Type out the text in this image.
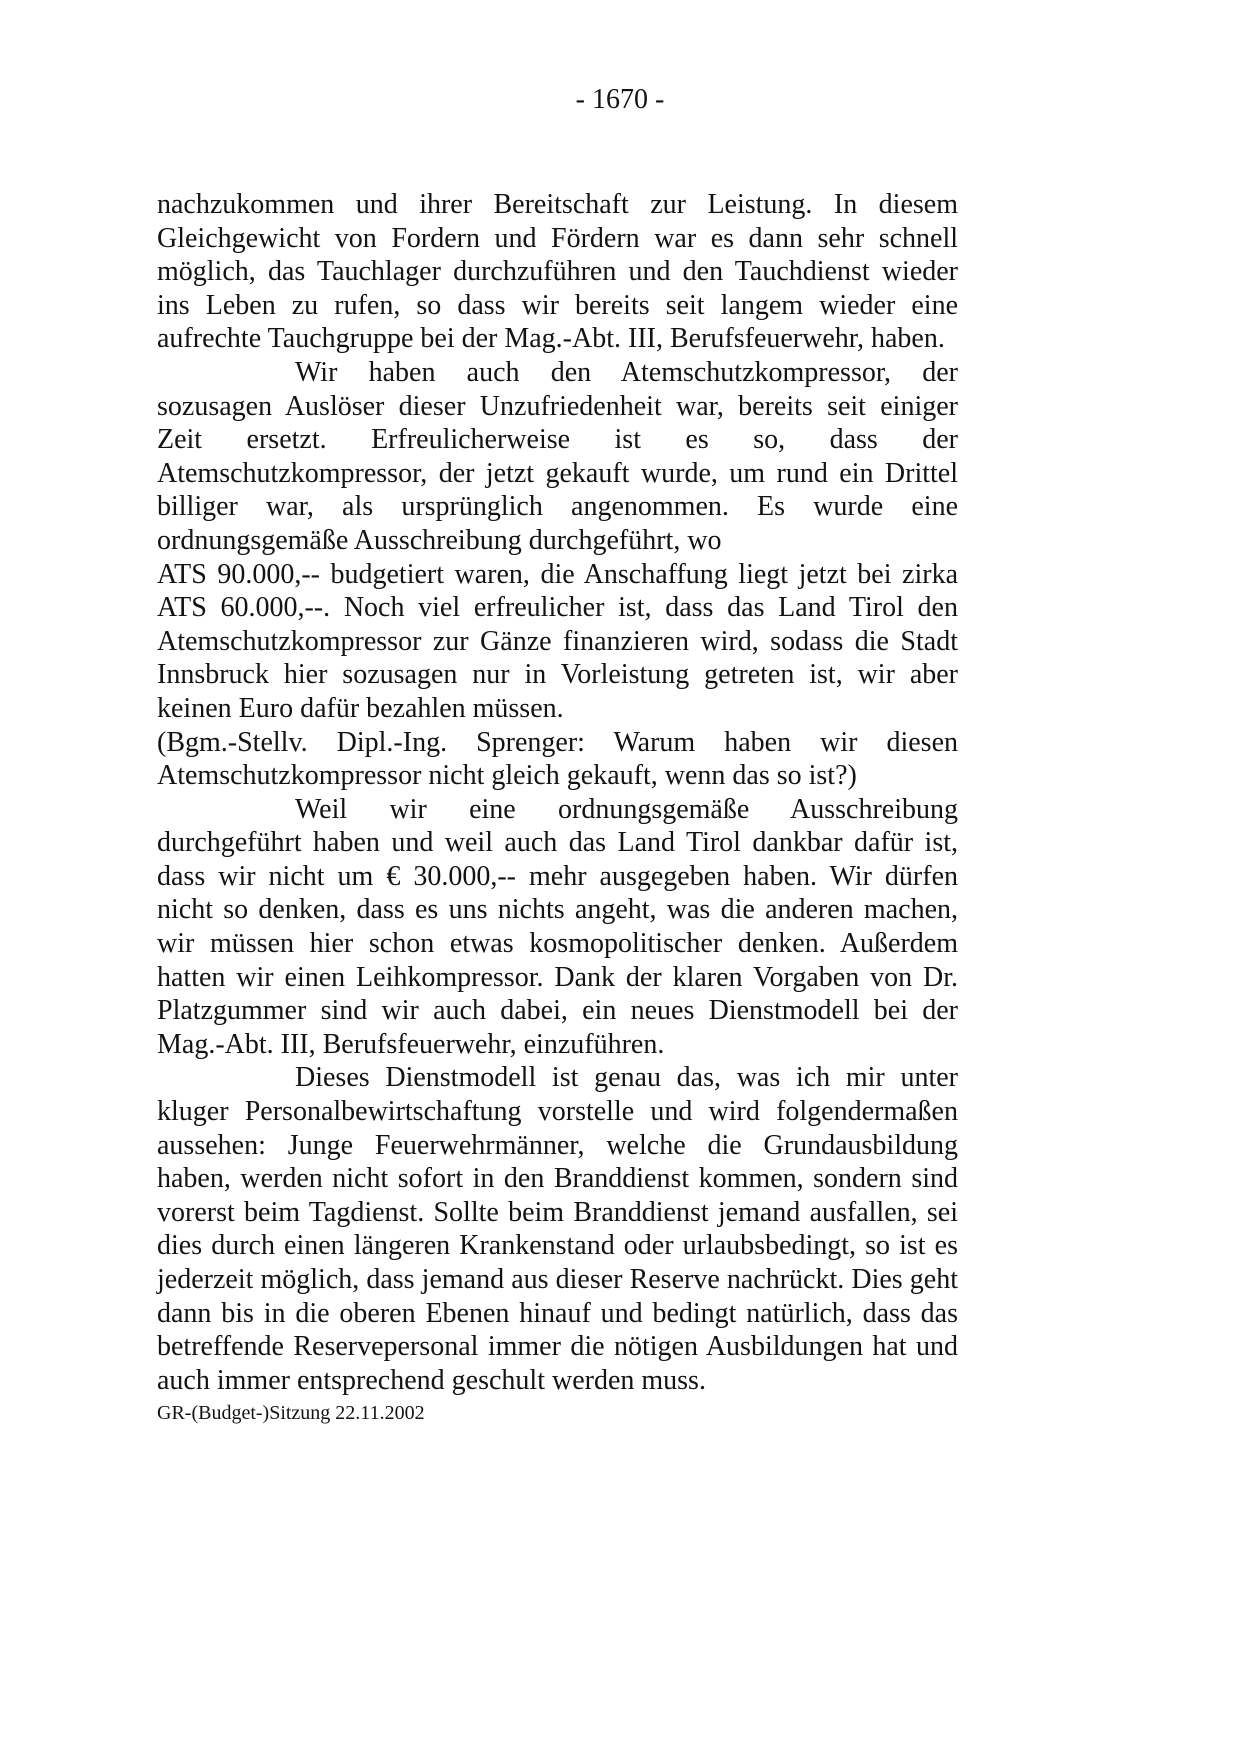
- 1670 -

nachzukommen und ihrer Bereitschaft zur Leistung. In diesem Gleichgewicht von Fordern und Fördern war es dann sehr schnell möglich, das Tauchlager durchzuführen und den Tauchdienst wieder ins Leben zu rufen, so dass wir bereits seit langem wieder eine aufrechte Tauchgruppe bei der Mag.-Abt. III, Berufsfeuerwehr, haben.

Wir haben auch den Atemschutzkompressor, der sozusagen Auslöser dieser Unzufriedenheit war, bereits seit einiger Zeit ersetzt. Erfreulicherweise ist es so, dass der Atemschutzkompressor, der jetzt gekauft wurde, um rund ein Drittel billiger war, als ursprünglich angenommen. Es wurde eine ordnungsgemäße Ausschreibung durchgeführt, wo

ATS 90.000,-- budgetiert waren, die Anschaffung liegt jetzt bei zirka ATS 60.000,--. Noch viel erfreulicher ist, dass das Land Tirol den Atemschutzkompressor zur Gänze finanzieren wird, sodass die Stadt Innsbruck hier sozusagen nur in Vorleistung getreten ist, wir aber keinen Euro dafür bezahlen müssen.

(Bgm.-Stellv. Dipl.-Ing. Sprenger: Warum haben wir diesen Atemschutzkompressor nicht gleich gekauft, wenn das so ist?)

Weil wir eine ordnungsgemäße Ausschreibung durchgeführt haben und weil auch das Land Tirol dankbar dafür ist, dass wir nicht um € 30.000,-- mehr ausgegeben haben. Wir dürfen nicht so denken, dass es uns nichts angeht, was die anderen machen, wir müssen hier schon etwas kosmopolitischer denken. Außerdem hatten wir einen Leihkompressor. Dank der klaren Vorgaben von Dr. Platzgummer sind wir auch dabei, ein neues Dienstmodell bei der Mag.-Abt. III, Berufsfeuerwehr, einzuführen.

Dieses Dienstmodell ist genau das, was ich mir unter kluger Personalbewirtschaftung vorstelle und wird folgendermaßen aussehen: Junge Feuerwehrmänner, welche die Grundausbildung haben, werden nicht sofort in den Branddienst kommen, sondern sind vorerst beim Tagdienst. Sollte beim Branddienst jemand ausfallen, sei dies durch einen längeren Krankenstand oder urlaubsbedingt, so ist es jederzeit möglich, dass jemand aus dieser Reserve nachrückt. Dies geht dann bis in die oberen Ebenen hinauf und bedingt natürlich, dass das betreffende Reservepersonal immer die nötigen Ausbildungen hat und auch immer entsprechend geschult werden muss.

GR-(Budget-)Sitzung 22.11.2002
